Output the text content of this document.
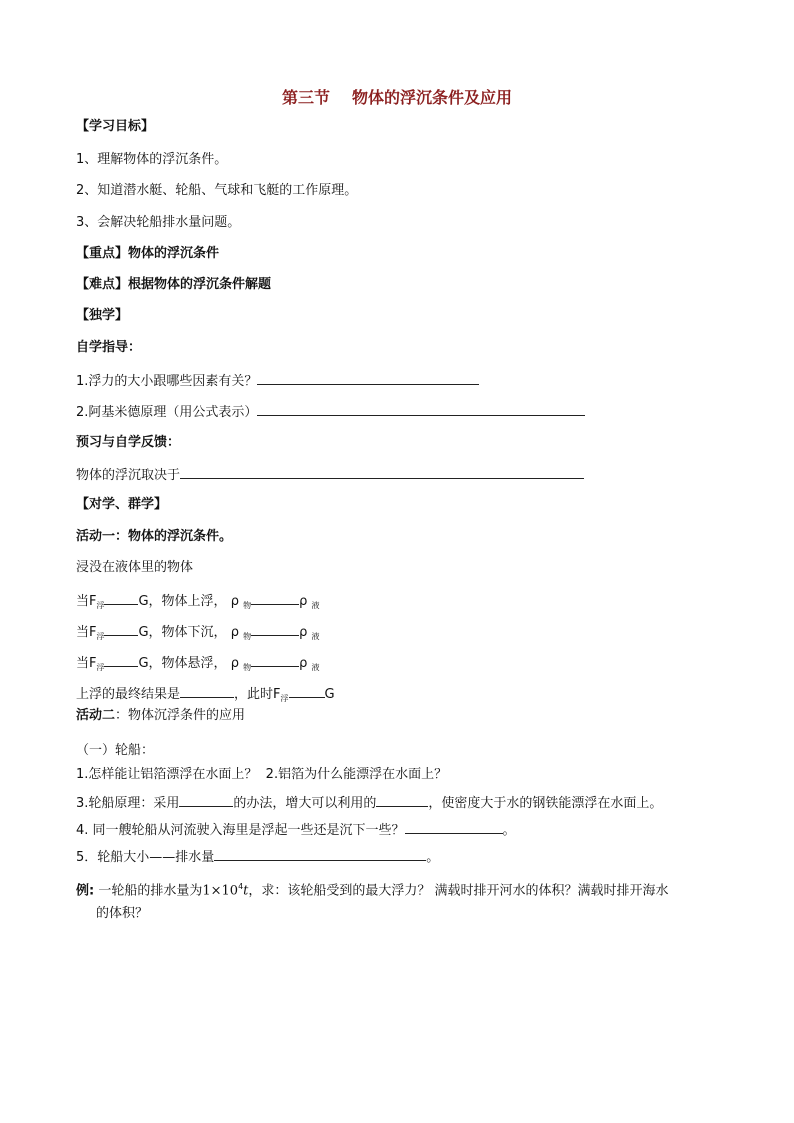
第三节 物体的浮沉条件及应用
【学习目标】
1、理解物体的浮沉条件。
2、知道潜水艇、轮船、气球和飞艇的工作原理。
3、会解决轮船排水量问题。
【重点】物体的浮沉条件
【难点】根据物体的浮沉条件解题
【独学】
自学指导：
1.浮力的大小跟哪些因素有关？
2.阿基米德原理（用公式表示）
预习与自学反馈：
物体的浮沉取决于
【对学、群学】
活动一：物体的浮沉条件。
浸没在液体里的物体
当$F_浮$	G，物体上浮， ρ $_物$	ρ $_液$
当$F_浮$	G，物体下沉， ρ $_物$	ρ $_液$
当$F_浮$	G，物体悬浮， ρ $_物$	ρ $_液$
上浮的最终结果是	，此时$F_浮$	G
活动二：物体沉浮条件的应用
（一）轮船：
1.怎样能让铝箔漂浮在水面上？ 2.铝箔为什么能漂浮在水面上？
3.轮船原理：采用	的办法，增大可以利用的	，使密度大于水的钢铁能漂浮在水面上。
4. 同一艘轮船从河流驶入海里是浮起一些还是沉下一些？	。
5．轮船大小——排水量	。
例: 一轮船的排水量为$1\times 10^4t$，求：该轮船受到的最大浮力？ 满载时排开河水的体积？满载时排开海水
的体积？
